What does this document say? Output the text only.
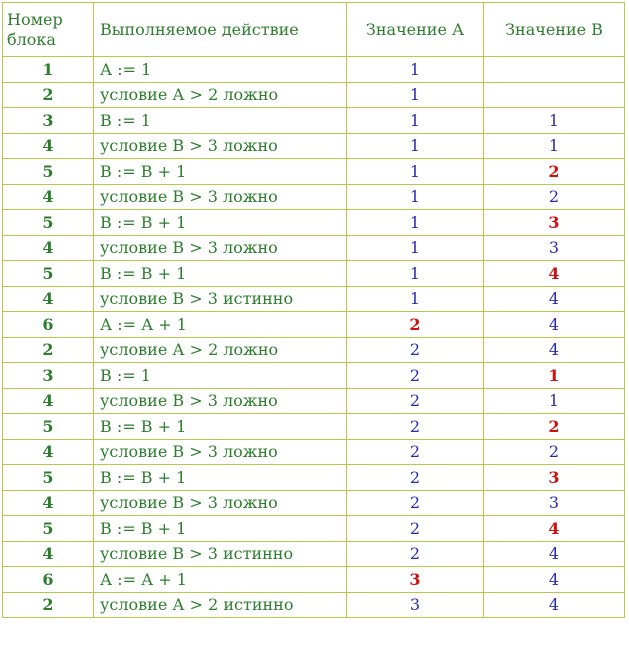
Номер
блока	Выполняемое действие	Значение А	Значение В
1	А := 1	1	
2	условие А > 2 ложно	1	
3	В := 1	1	1
4	условие В > 3 ложно	1	1
5	В := В + 1	1	2
4	условие В > 3 ложно	1	2
5	В := В + 1	1	3
4	условие В > 3 ложно	1	3
5	В := В + 1	1	4
4	условие В > 3 истинно	1	4
6	А := А + 1	2	4
2	условие А > 2 ложно	2	4
3	В := 1	2	1
4	условие В > 3 ложно	2	1
5	В := В + 1	2	2
4	условие В > 3 ложно	2	2
5	В := В + 1	2	3
4	условие В > 3 ложно	2	3
5	В := В + 1	2	4
4	условие В > 3 истинно	2	4
6	А := А + 1	3	4
2	условие А > 2 истинно	3	4
